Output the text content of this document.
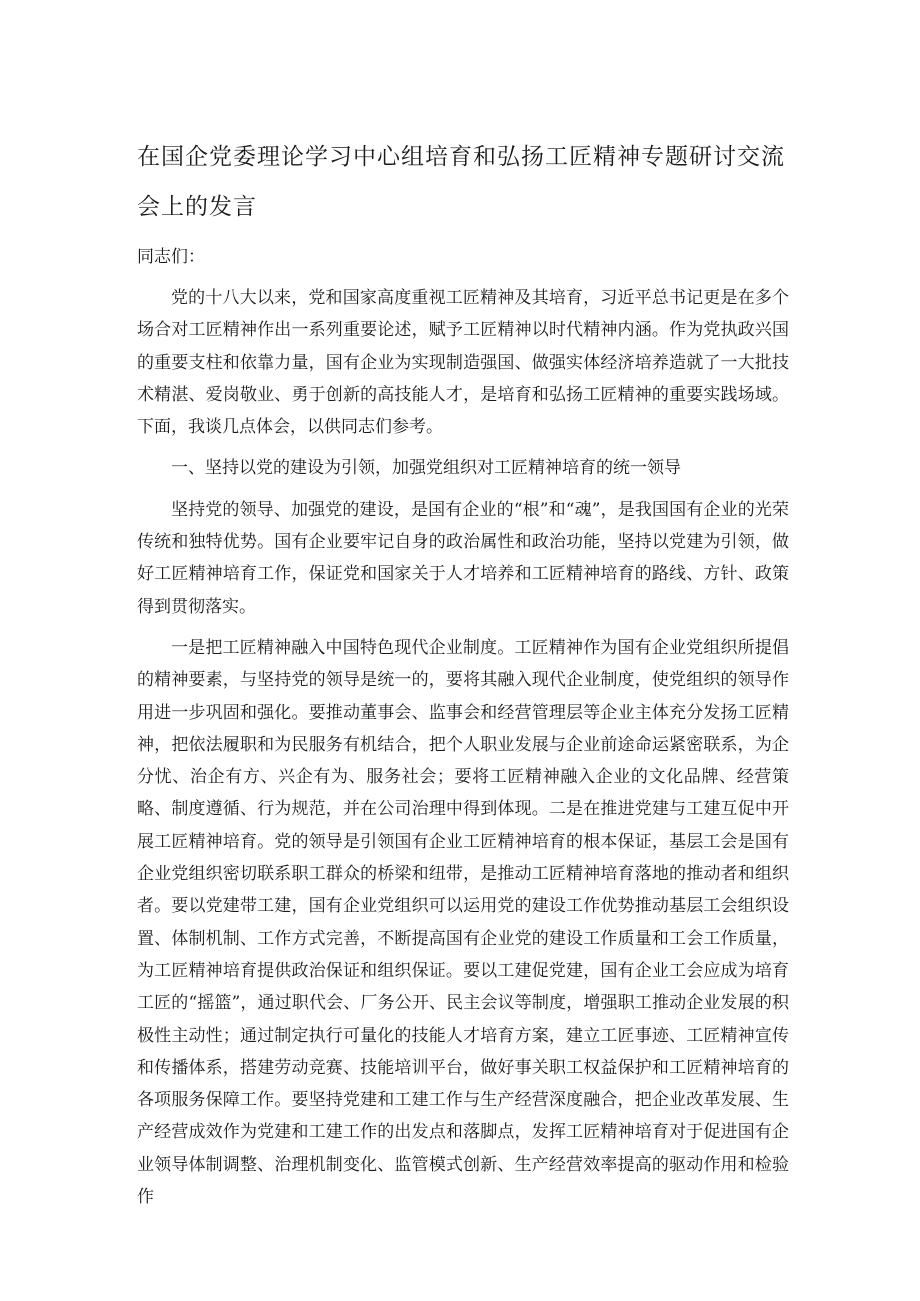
在国企党委理论学习中心组培育和弘扬工匠精神专题研讨交流会上的发言

同志们：

党的十八大以来，党和国家高度重视工匠精神及其培育，习近平总书记更是在多个场合对工匠精神作出一系列重要论述，赋予工匠精神以时代精神内涵。作为党执政兴国的重要支柱和依靠力量，国有企业为实现制造强国、做强实体经济培养造就了一大批技术精湛、爱岗敬业、勇于创新的高技能人才，是培育和弘扬工匠精神的重要实践场域。下面，我谈几点体会，以供同志们参考。

一、坚持以党的建设为引领，加强党组织对工匠精神培育的统一领导

坚持党的领导、加强党的建设，是国有企业的“根”和“魂”，是我国国有企业的光荣传统和独特优势。国有企业要牢记自身的政治属性和政治功能，坚持以党建为引领，做好工匠精神培育工作，保证党和国家关于人才培养和工匠精神培育的路线、方针、政策得到贯彻落实。

一是把工匠精神融入中国特色现代企业制度。工匠精神作为国有企业党组织所提倡的精神要素，与坚持党的领导是统一的，要将其融入现代企业制度，使党组织的领导作用进一步巩固和强化。要推动董事会、监事会和经营管理层等企业主体充分发扬工匠精神，把依法履职和为民服务有机结合，把个人职业发展与企业前途命运紧密联系，为企分忧、治企有方、兴企有为、服务社会；要将工匠精神融入企业的文化品牌、经营策略、制度遵循、行为规范，并在公司治理中得到体现。二是在推进党建与工建互促中开展工匠精神培育。党的领导是引领国有企业工匠精神培育的根本保证，基层工会是国有企业党组织密切联系职工群众的桥梁和纽带，是推动工匠精神培育落地的推动者和组织者。要以党建带工建，国有企业党组织可以运用党的建设工作优势推动基层工会组织设置、体制机制、工作方式完善，不断提高国有企业党的建设工作质量和工会工作质量，为工匠精神培育提供政治保证和组织保证。要以工建促党建，国有企业工会应成为培育工匠的“摇篮”，通过职代会、厂务公开、民主会议等制度，增强职工推动企业发展的积极性主动性；通过制定执行可量化的技能人才培育方案，建立工匠事迹、工匠精神宣传和传播体系，搭建劳动竞赛、技能培训平台，做好事关职工权益保护和工匠精神培育的各项服务保障工作。要坚持党建和工建工作与生产经营深度融合，把企业改革发展、生产经营成效作为党建和工建工作的出发点和落脚点，发挥工匠精神培育对于促进国有企业领导体制调整、治理机制变化、监管模式创新、生产经营效率提高的驱动作用和检验作
